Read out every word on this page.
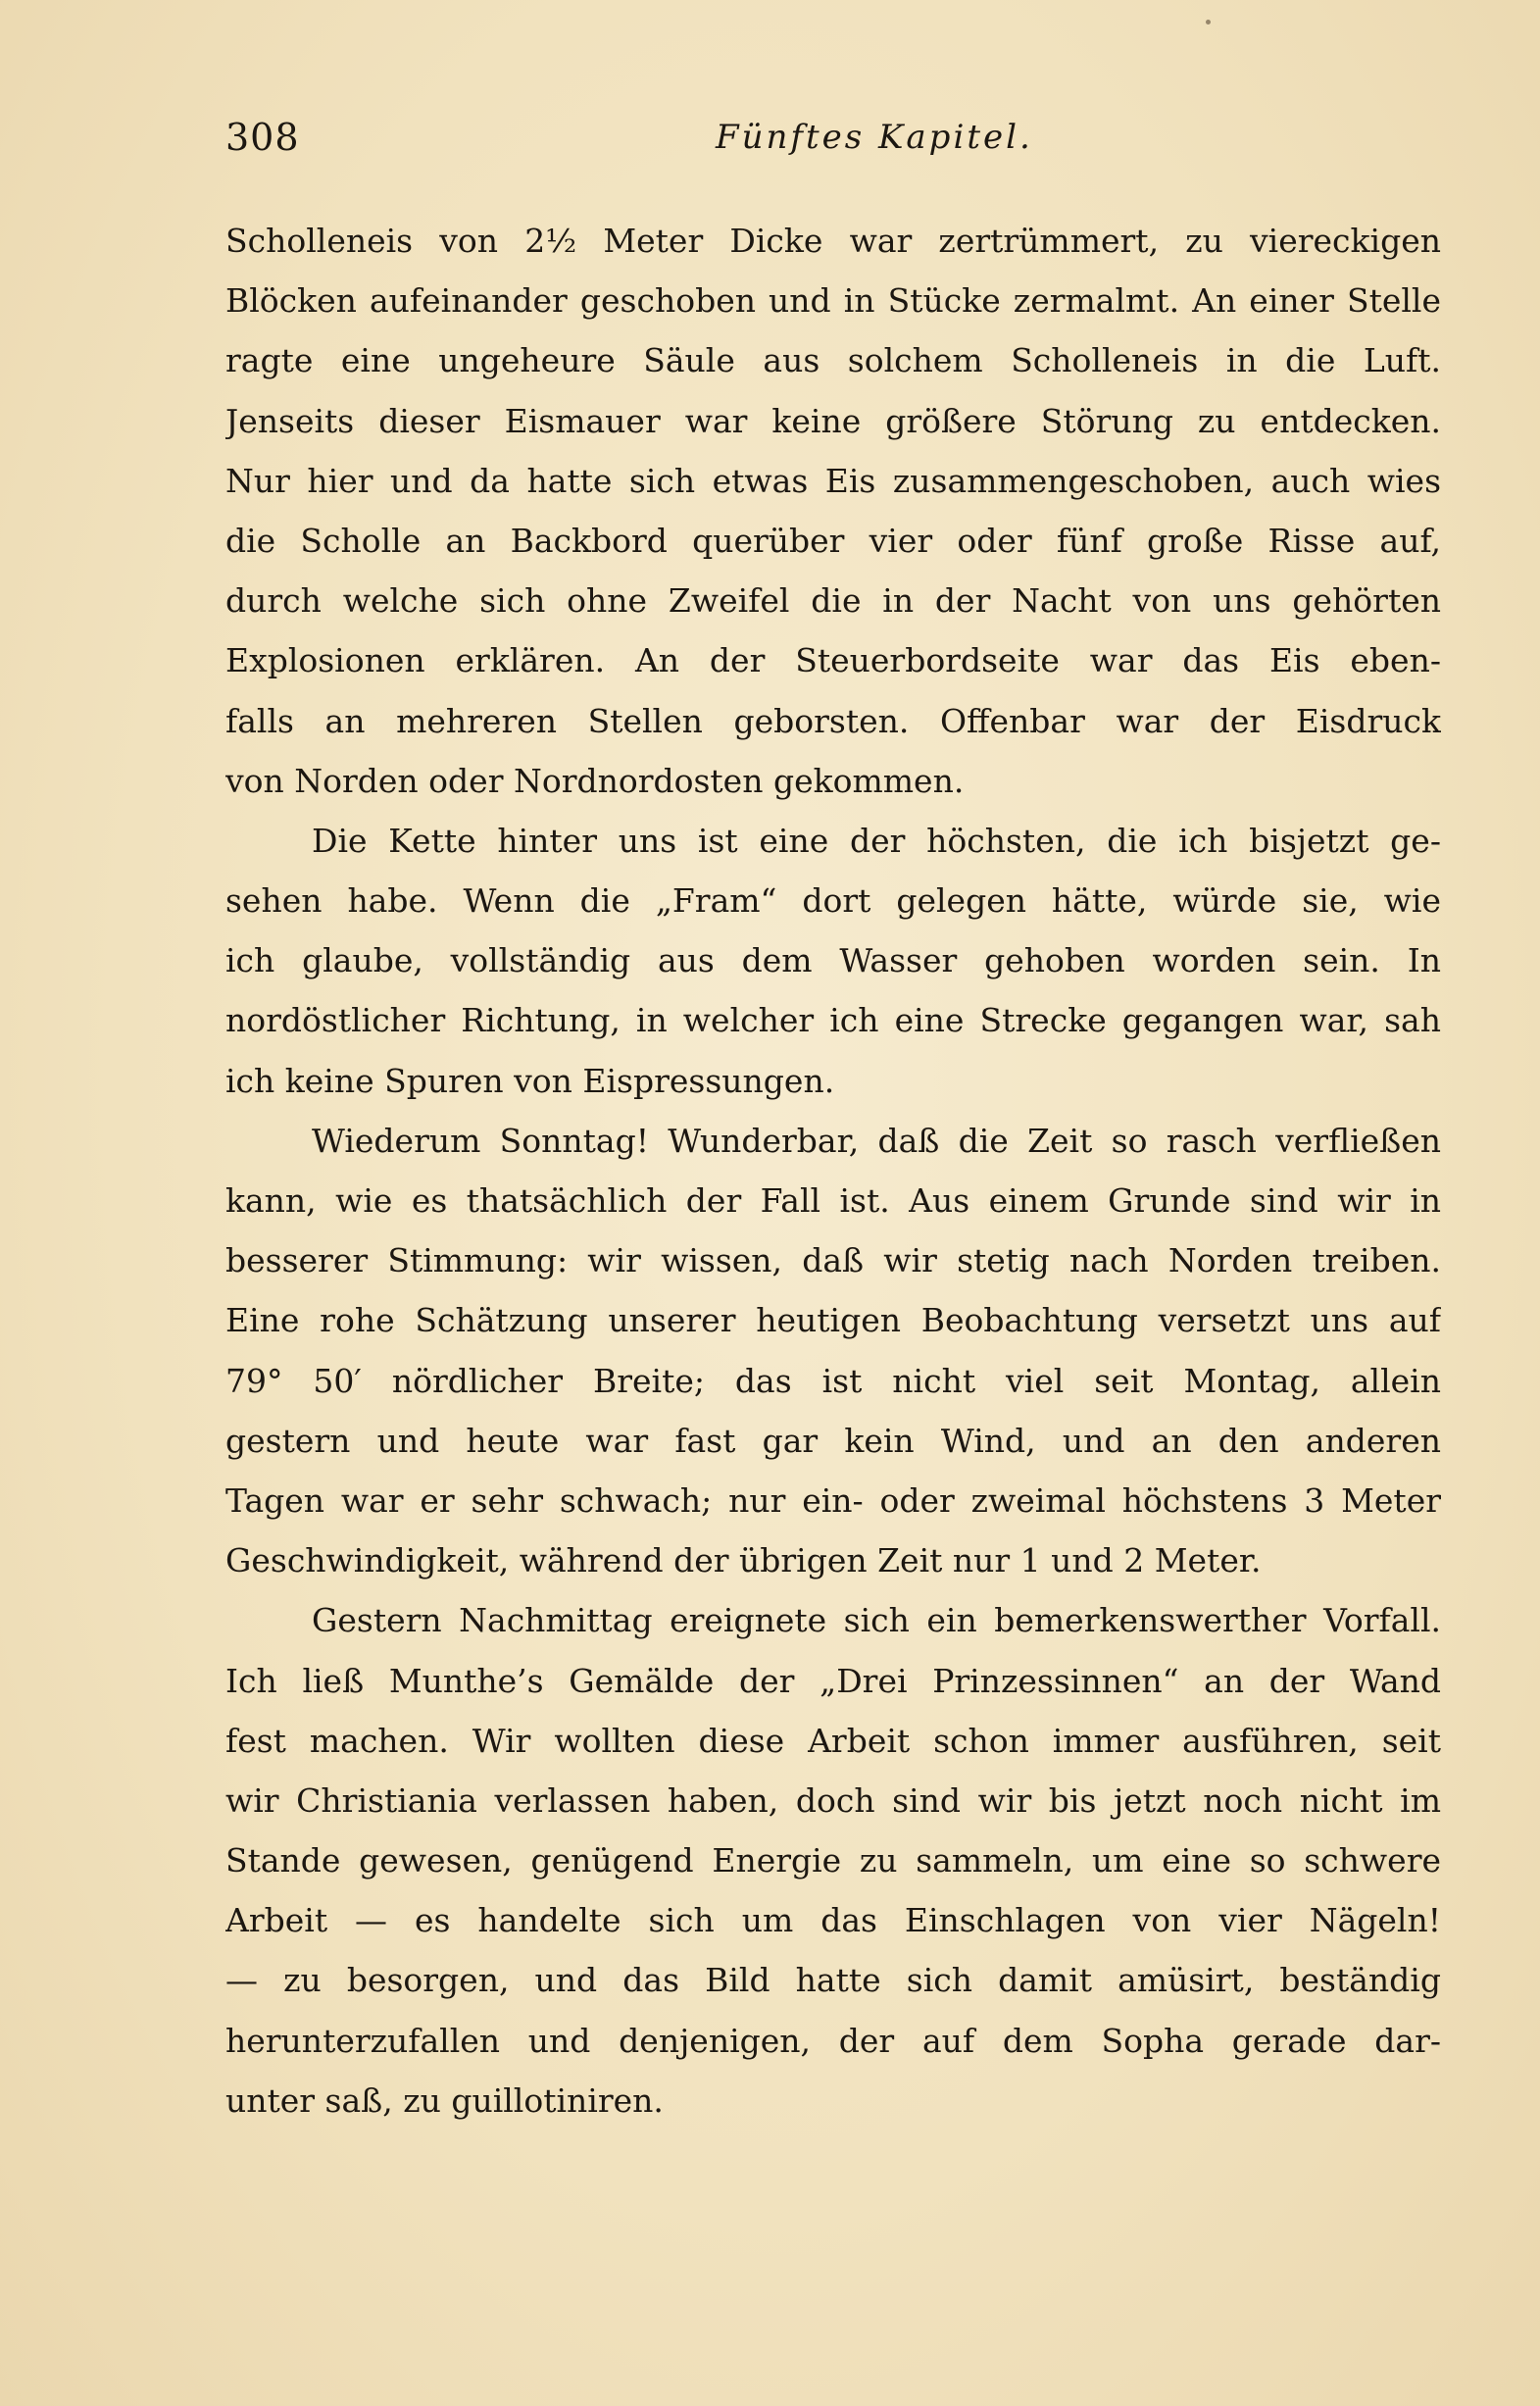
308	Fünftes Kapitel.
Scholleneis von 2½ Meter Dicke war zertrümmert, zu viereckigen
Blöcken aufeinander geschoben und in Stücke zermalmt. An einer Stelle
ragte eine ungeheure Säule aus solchem Scholleneis in die Luft.
Jenseits dieser Eismauer war keine größere Störung zu entdecken.
Nur hier und da hatte sich etwas Eis zusammengeschoben, auch wies
die Scholle an Backbord querüber vier oder fünf große Risse auf,
durch welche sich ohne Zweifel die in der Nacht von uns gehörten
Explosionen erklären. An der Steuerbordseite war das Eis eben-
falls an mehreren Stellen geborsten. Offenbar war der Eisdruck
von Norden oder Nordnordosten gekommen.
Die Kette hinter uns ist eine der höchsten, die ich bisjetzt ge-
sehen habe. Wenn die „Fram“ dort gelegen hätte, würde sie, wie
ich glaube, vollständig aus dem Wasser gehoben worden sein. In
nordöstlicher Richtung, in welcher ich eine Strecke gegangen war, sah
ich keine Spuren von Eispressungen.
Wiederum Sonntag! Wunderbar, daß die Zeit so rasch verfließen
kann, wie es thatsächlich der Fall ist. Aus einem Grunde sind wir in
besserer Stimmung: wir wissen, daß wir stetig nach Norden treiben.
Eine rohe Schätzung unserer heutigen Beobachtung versetzt uns auf
79° 50′ nördlicher Breite; das ist nicht viel seit Montag, allein
gestern und heute war fast gar kein Wind, und an den anderen
Tagen war er sehr schwach; nur ein- oder zweimal höchstens 3 Meter
Geschwindigkeit, während der übrigen Zeit nur 1 und 2 Meter.
Gestern Nachmittag ereignete sich ein bemerkenswerther Vorfall.
Ich ließ Munthe’s Gemälde der „Drei Prinzessinnen“ an der Wand
fest machen. Wir wollten diese Arbeit schon immer ausführen, seit
wir Christiania verlassen haben, doch sind wir bis jetzt noch nicht im
Stande gewesen, genügend Energie zu sammeln, um eine so schwere
Arbeit — es handelte sich um das Einschlagen von vier Nägeln!
— zu besorgen, und das Bild hatte sich damit amüsirt, beständig
herunterzufallen und denjenigen, der auf dem Sopha gerade dar-
unter saß, zu guillotiniren.
